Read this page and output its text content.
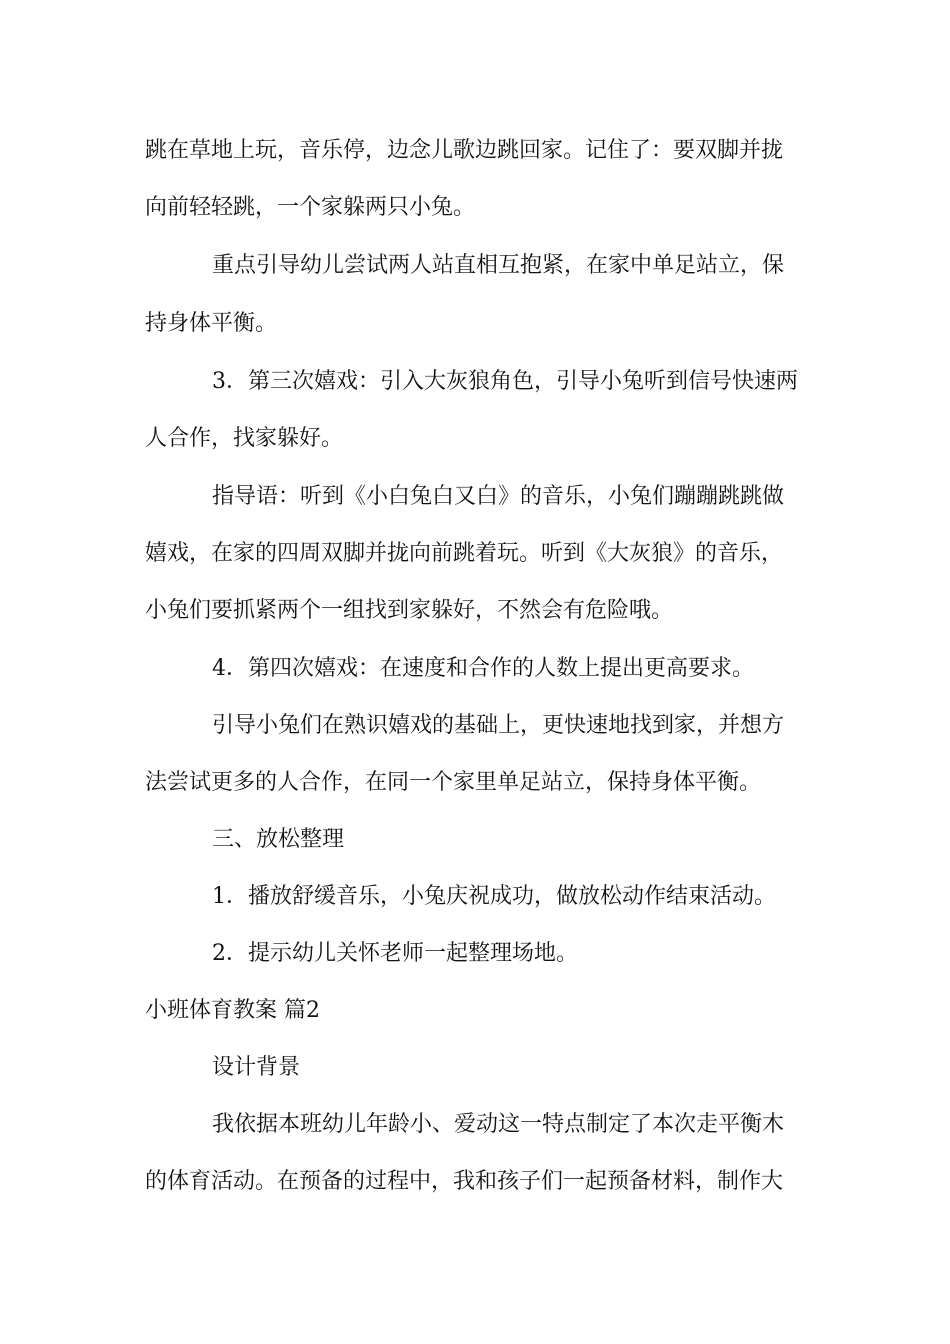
跳在草地上玩，音乐停，边念儿歌边跳回家。记住了：要双脚并拢
向前轻轻跳，一个家躲两只小兔。
重点引导幼儿尝试两人站直相互抱紧，在家中单足站立，保
持身体平衡。
3．第三次嬉戏：引入大灰狼角色，引导小兔听到信号快速两
人合作，找家躲好。
指导语：听到《小白兔白又白》的音乐，小兔们蹦蹦跳跳做
嬉戏，在家的四周双脚并拢向前跳着玩。听到《大灰狼》的音乐，
小兔们要抓紧两个一组找到家躲好，不然会有危险哦。
4．第四次嬉戏：在速度和合作的人数上提出更高要求。
引导小兔们在熟识嬉戏的基础上，更快速地找到家，并想方
法尝试更多的人合作，在同一个家里单足站立，保持身体平衡。
三、放松整理
1．播放舒缓音乐，小兔庆祝成功，做放松动作结束活动。
2．提示幼儿关怀老师一起整理场地。
小班体育教案 篇2
设计背景
我依据本班幼儿年龄小、爱动这一特点制定了本次走平衡木
的体育活动。在预备的过程中，我和孩子们一起预备材料，制作大
